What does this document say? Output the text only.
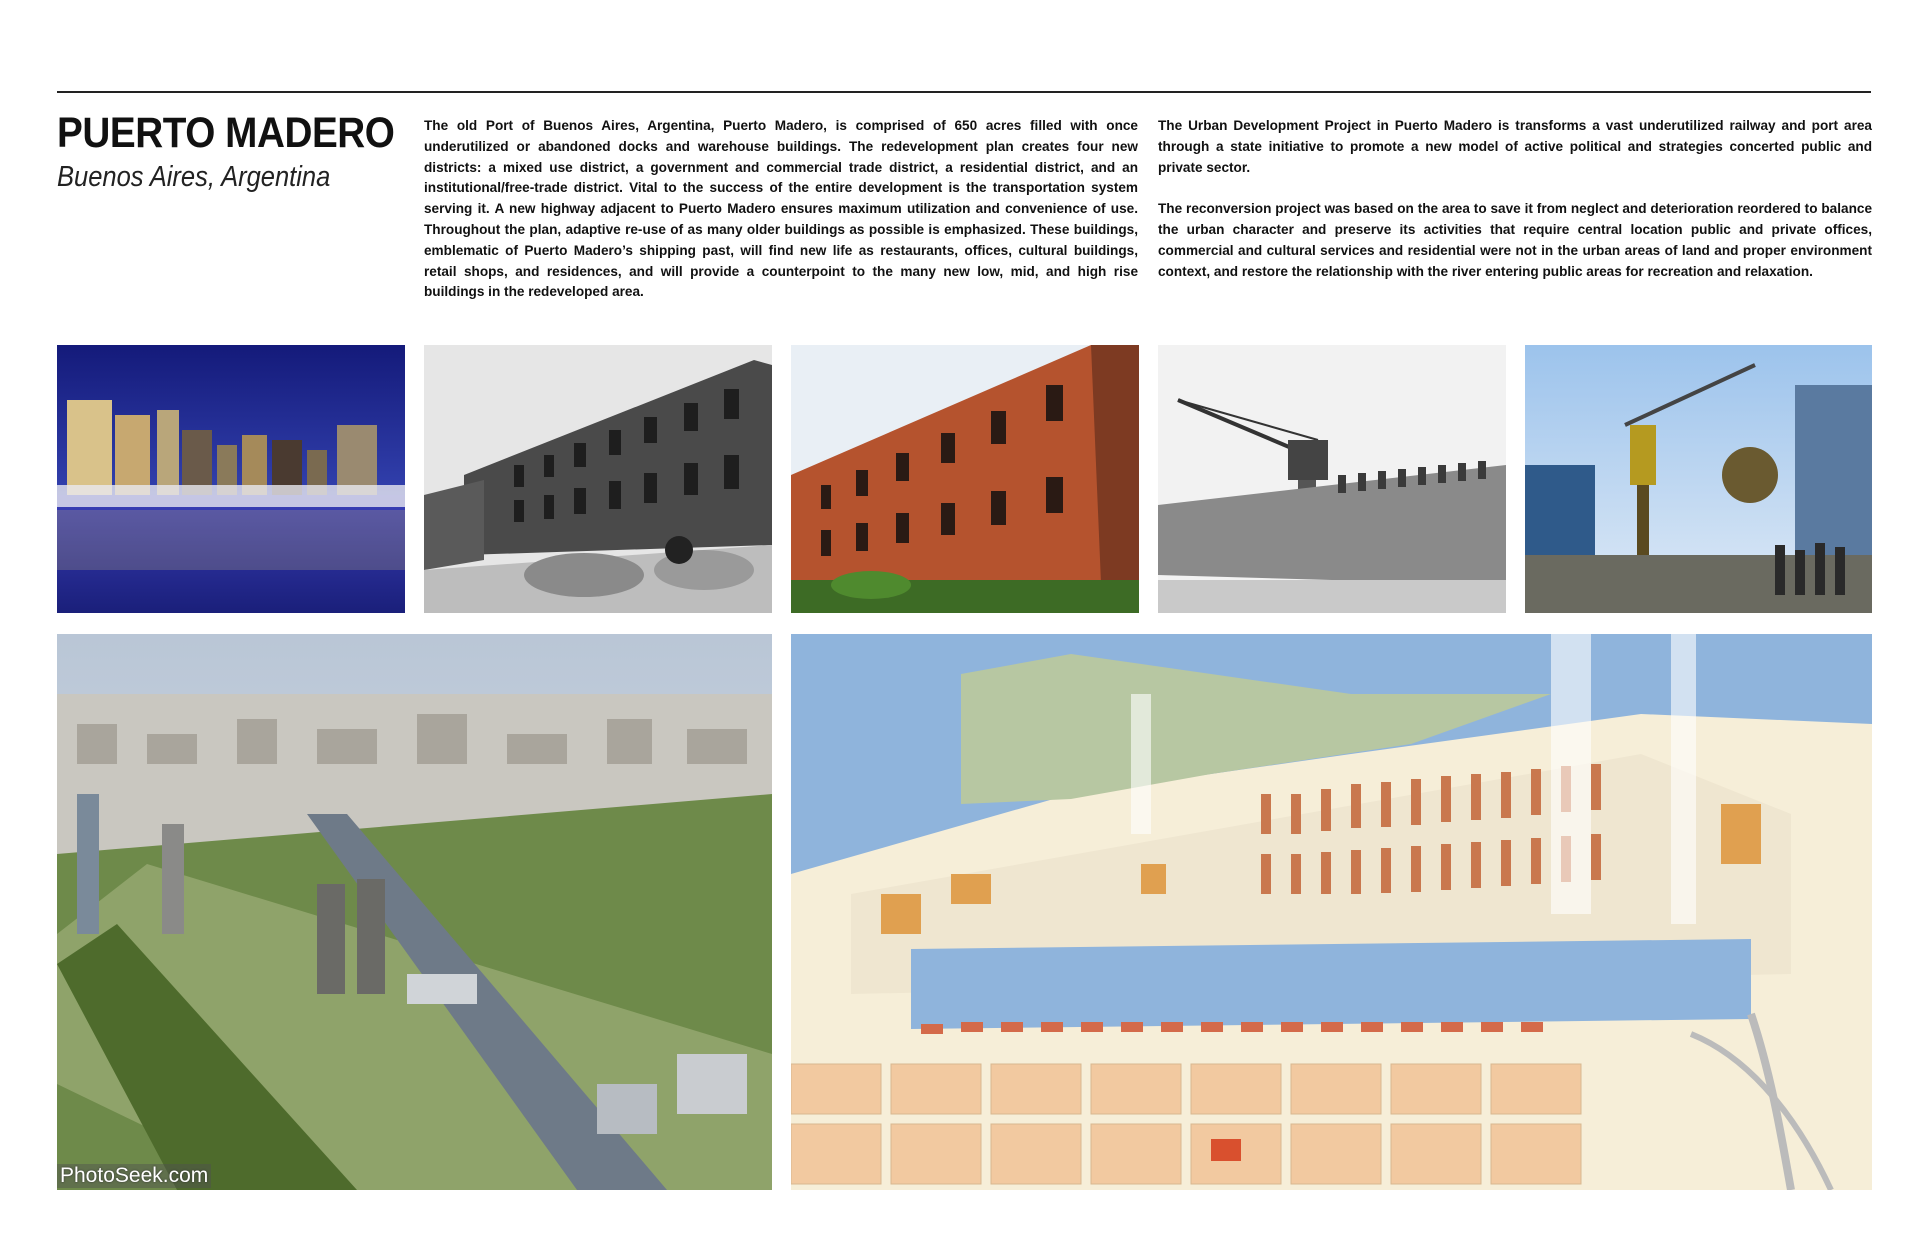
PUERTO MADERO
Buenos Aires, Argentina

The old Port of Buenos Aires, Argentina, Puerto Madero, is comprised of 650 acres filled with once underutilized or abandoned docks and warehouse buildings. The redevelopment plan creates four new districts: a mixed use district, a government and commercial trade district, a residential district, and an institutional/free-trade district. Vital to the success of the entire development is the transportation system serving it. A new highway adjacent to Puerto Madero ensures maximum utilization and convenience of use. Throughout the plan, adaptive re-use of as many older buildings as possible is emphasized. These buildings, emblematic of Puerto Madero’s shipping past, will find new life as restaurants, offices, cultural buildings, retail shops, and residences, and will provide a counterpoint to the many new low, mid, and high rise buildings in the redeveloped area.

The Urban Development Project in Puerto Madero is transforms a vast underutilized railway and port area through a state initiative to promote a new model of active political and strategies concerted public and private sector.

The reconversion project was based on the area to save it from neglect and deterioration reordered to balance the urban character and preserve its activities that require central location public and private offices, commercial and cultural services and residential were not in the urban areas of land and proper environment context, and restore the relationship with the river entering public areas for recreation and relaxation.

PhotoSeek.com
